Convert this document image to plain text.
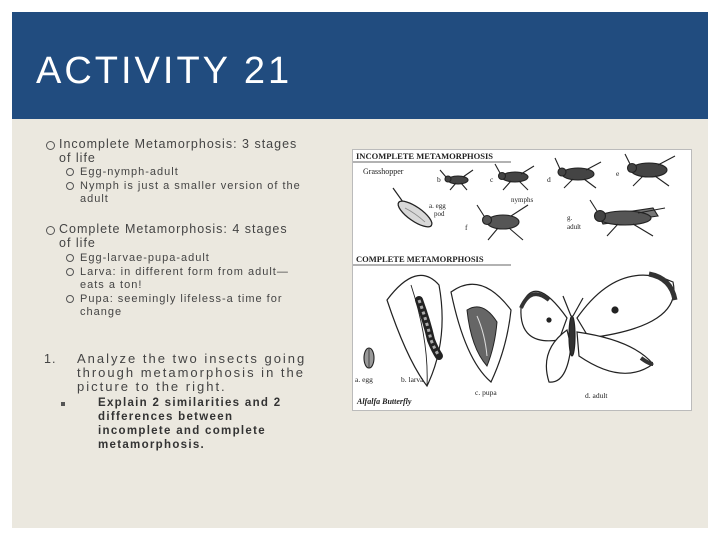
ACTIVITY 21
Incomplete Metamorphosis: 3 stages
of life
Egg-nymph-adult
Nymph is just a smaller version of the
adult
Complete Metamorphosis: 4 stages
of life
Egg-larvae-pupa-adult
Larva: in different form from adult—
eats a ton!
Pupa: seemingly lifeless-a time for
change
1. Analyze the two insects going
through metamorphosis in the
picture to the right.
Explain 2 similarities and 2
differences between
incomplete and complete
metamorphosis.
INCOMPLETE METAMORPHOSIS
Grasshopper
a. egg
pod
b	c	d
e
f
nymphs
g.
adult
COMPLETE METAMORPHOSIS
a. egg	b. larva
c. pupa	d. adult
Alfalfa Butterfly
